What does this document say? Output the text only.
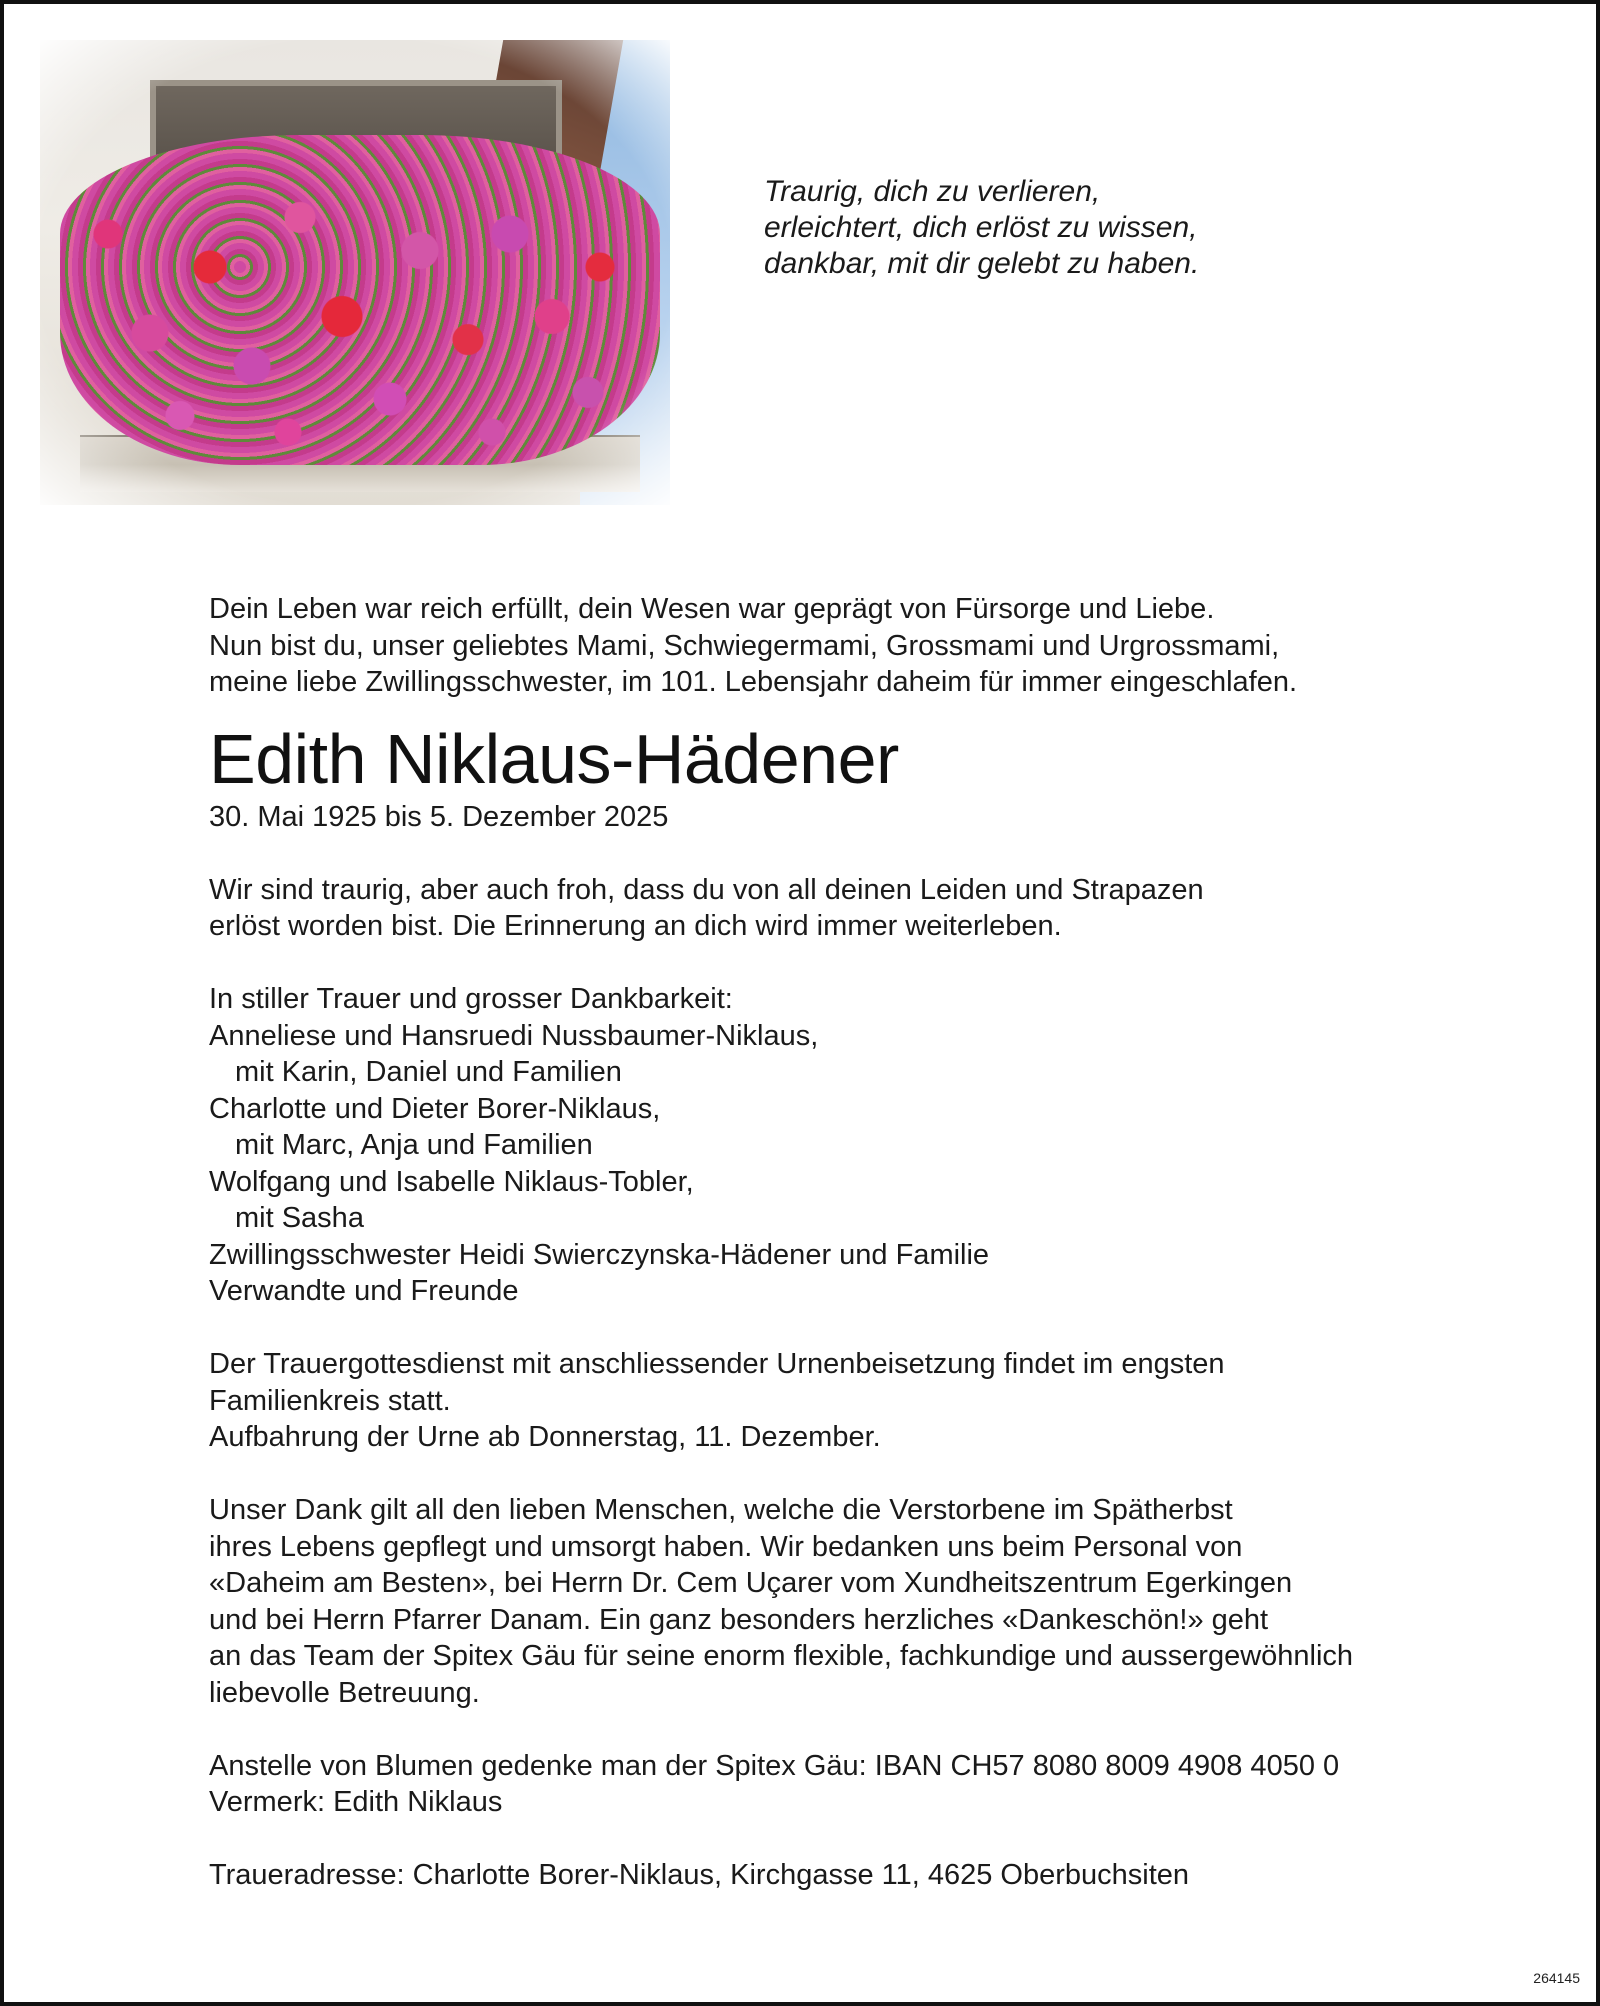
Traurig, dich zu verlieren,
erleichtert, dich erlöst zu wissen,
dankbar, mit dir gelebt zu haben.
Dein Leben war reich erfüllt, dein Wesen war geprägt von Fürsorge und Liebe.
Nun bist du, unser geliebtes Mami, Schwiegermami, Grossmami und Urgrossmami,
meine liebe Zwillingsschwester, im 101. Lebensjahr daheim für immer eingeschlafen.
Edith Niklaus-Hädener
30. Mai 1925 bis 5. Dezember 2025
Wir sind traurig, aber auch froh, dass du von all deinen Leiden und Strapazen
erlöst worden bist. Die Erinnerung an dich wird immer weiterleben.
In stiller Trauer und grosser Dankbarkeit:
Anneliese und Hansruedi Nussbaumer-Niklaus,
mit Karin, Daniel und Familien
Charlotte und Dieter Borer-Niklaus,
mit Marc, Anja und Familien
Wolfgang und Isabelle Niklaus-Tobler,
mit Sasha
Zwillingsschwester Heidi Swierczynska-Hädener und Familie
Verwandte und Freunde
Der Trauergottesdienst mit anschliessender Urnenbeisetzung findet im engsten
Familienkreis statt.
Aufbahrung der Urne ab Donnerstag, 11. Dezember.
Unser Dank gilt all den lieben Menschen, welche die Verstorbene im Spätherbst
ihres Lebens gepflegt und umsorgt haben. Wir bedanken uns beim Personal von
«Daheim am Besten», bei Herrn Dr. Cem Uçarer vom Xundheitszentrum Egerkingen
und bei Herrn Pfarrer Danam. Ein ganz besonders herzliches «Dankeschön!» geht
an das Team der Spitex Gäu für seine enorm flexible, fachkundige und aussergewöhnlich
liebevolle Betreuung.
Anstelle von Blumen gedenke man der Spitex Gäu: IBAN CH57 8080 8009 4908 4050 0
Vermerk: Edith Niklaus
Traueradresse: Charlotte Borer-Niklaus, Kirchgasse 11, 4625 Oberbuchsiten
264145
